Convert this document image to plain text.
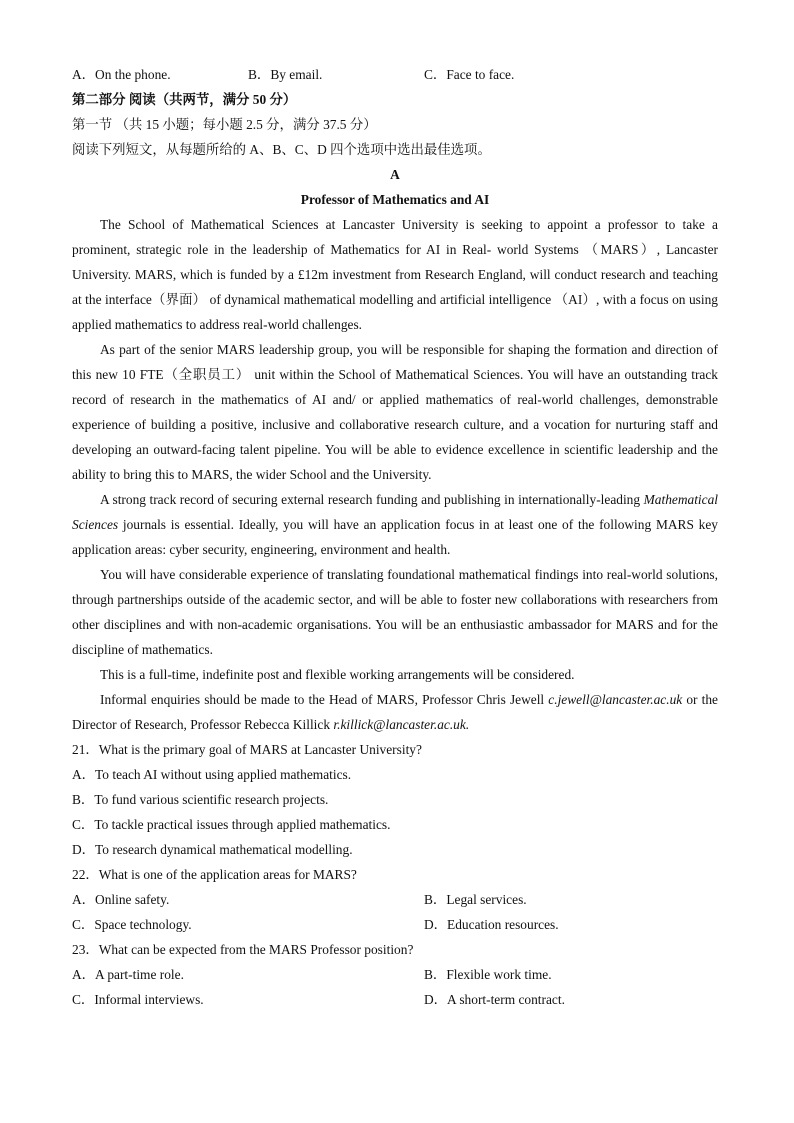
A．On the phone.	B．By email.	C．Face to face.
第二部分 阅读（共两节，满分 50 分）
第一节 （共 15 小题；每小题 2.5 分，满分 37.5 分）
阅读下列短文，从每题所给的 A、B、C、D 四个选项中选出最佳选项。
A
Professor of Mathematics and AI
The School of Mathematical Sciences at Lancaster University is seeking to appoint a professor to take a prominent, strategic role in the leadership of Mathematics for AI in Real- world Systems （MARS）, Lancaster University. MARS, which is funded by a £12m investment from Research England, will conduct research and teaching at the interface（界面） of dynamical mathematical modelling and artificial intelligence （AI）, with a focus on using applied mathematics to address real-world challenges.
As part of the senior MARS leadership group, you will be responsible for shaping the formation and direction of this new 10 FTE（全职员工） unit within the School of Mathematical Sciences. You will have an outstanding track record of research in the mathematics of AI and/ or applied mathematics of real-world challenges, demonstrable experience of building a positive, inclusive and collaborative research culture, and a vocation for nurturing staff and developing an outward-facing talent pipeline. You will be able to evidence excellence in scientific leadership and the ability to bring this to MARS, the wider School and the University.
A strong track record of securing external research funding and publishing in internationally-leading Mathematical Sciences journals is essential. Ideally, you will have an application focus in at least one of the following MARS key application areas: cyber security, engineering, environment and health.
You will have considerable experience of translating foundational mathematical findings into real-world solutions, through partnerships outside of the academic sector, and will be able to foster new collaborations with researchers from other disciplines and with non-academic organisations. You will be an enthusiastic ambassador for MARS and for the discipline of mathematics.
This is a full-time, indefinite post and flexible working arrangements will be considered.
Informal enquiries should be made to the Head of MARS, Professor Chris Jewell c.jewell@lancaster.ac.uk or the Director of Research, Professor Rebecca Killick r.killick@lancaster.ac.uk.
21．What is the primary goal of MARS at Lancaster University?
A．To teach AI without using applied mathematics.
B．To fund various scientific research projects.
C．To tackle practical issues through applied mathematics.
D．To research dynamical mathematical modelling.
22．What is one of the application areas for MARS?
A．Online safety.	B．Legal services.
C．Space technology.	D．Education resources.
23．What can be expected from the MARS Professor position?
A．A part-time role.	B．Flexible work time.
C．Informal interviews.	D．A short-term contract.
